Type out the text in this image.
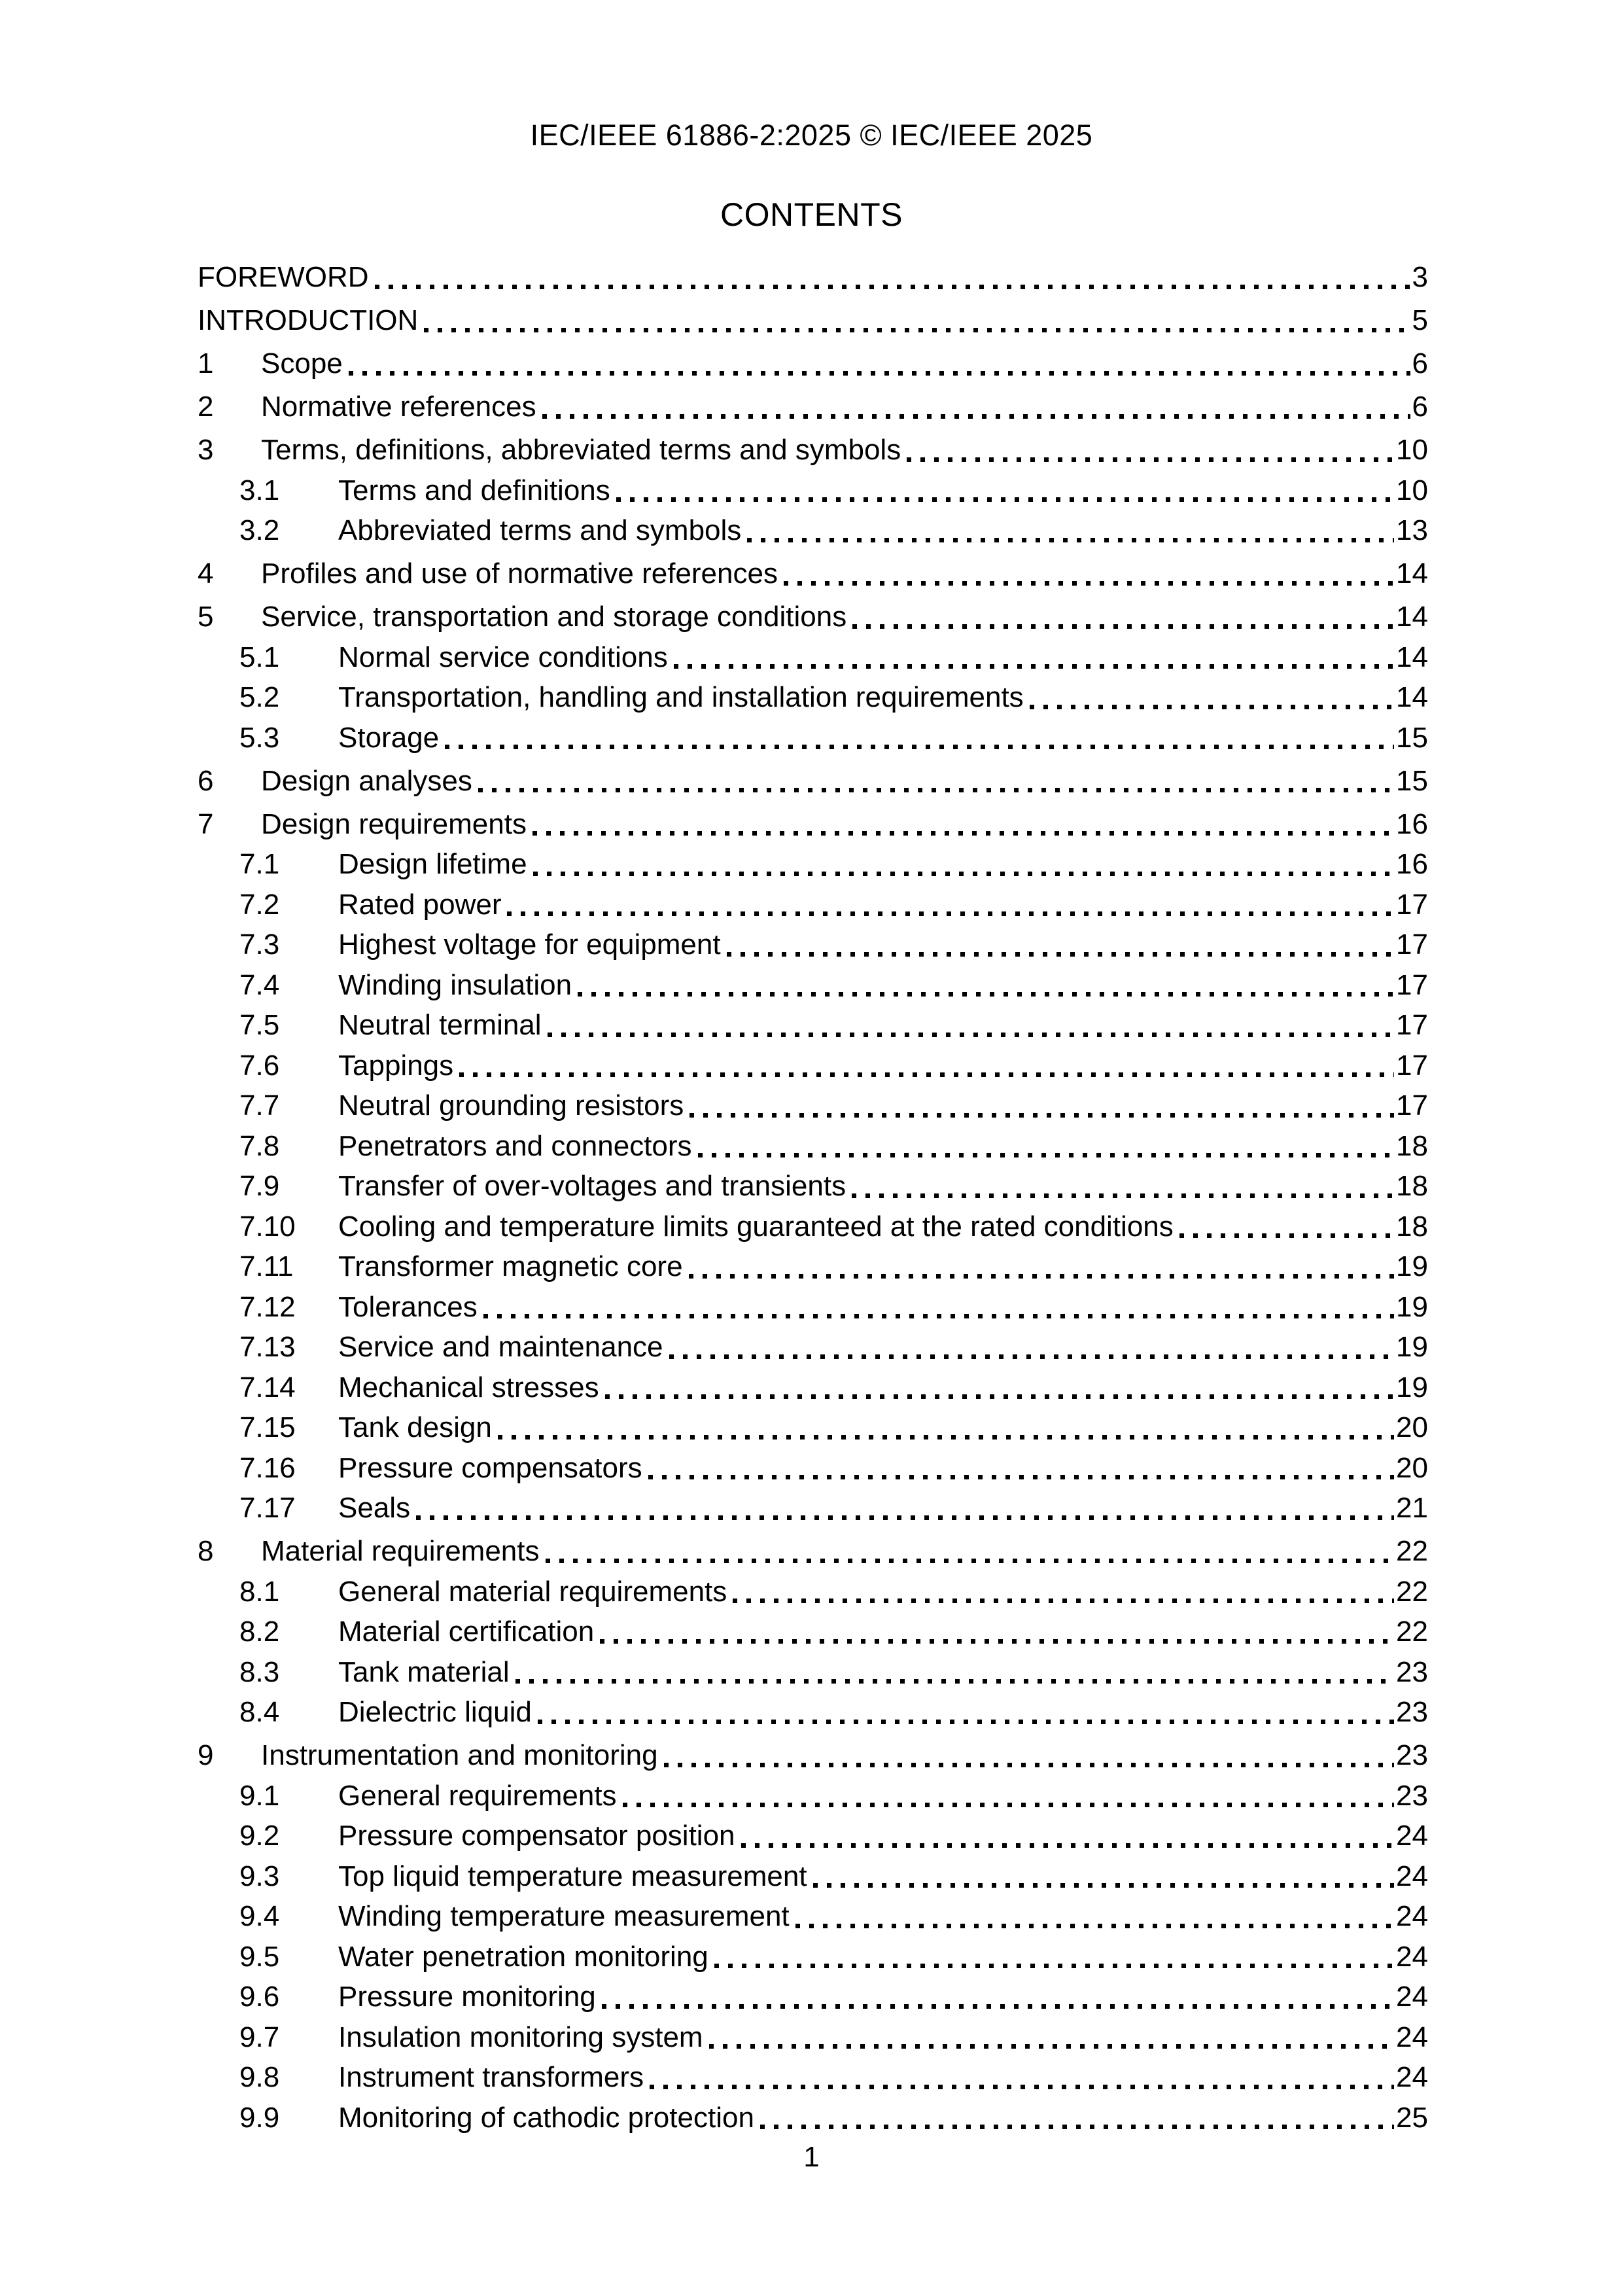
IEC/IEEE 61886-2:2025 © IEC/IEEE 2025
CONTENTS
FOREWORD	3
INTRODUCTION	5
1	Scope	6
2	Normative references	6
3	Terms, definitions, abbreviated terms and symbols	10
3.1	Terms and definitions	10
3.2	Abbreviated terms and symbols	13
4	Profiles and use of normative references	14
5	Service, transportation and storage conditions	14
5.1	Normal service conditions	14
5.2	Transportation, handling and installation requirements	14
5.3	Storage	15
6	Design analyses	15
7	Design requirements	16
7.1	Design lifetime	16
7.2	Rated power	17
7.3	Highest voltage for equipment	17
7.4	Winding insulation	17
7.5	Neutral terminal	17
7.6	Tappings	17
7.7	Neutral grounding resistors	17
7.8	Penetrators and connectors	18
7.9	Transfer of over-voltages and transients	18
7.10	Cooling and temperature limits guaranteed at the rated conditions	18
7.11	Transformer magnetic core	19
7.12	Tolerances	19
7.13	Service and maintenance	19
7.14	Mechanical stresses	19
7.15	Tank design	20
7.16	Pressure compensators	20
7.17	Seals	21
8	Material requirements	22
8.1	General material requirements	22
8.2	Material certification	22
8.3	Tank material	23
8.4	Dielectric liquid	23
9	Instrumentation and monitoring	23
9.1	General requirements	23
9.2	Pressure compensator position	24
9.3	Top liquid temperature measurement	24
9.4	Winding temperature measurement	24
9.5	Water penetration monitoring	24
9.6	Pressure monitoring	24
9.7	Insulation monitoring system	24
9.8	Instrument transformers	24
9.9	Monitoring of cathodic protection	25
1
